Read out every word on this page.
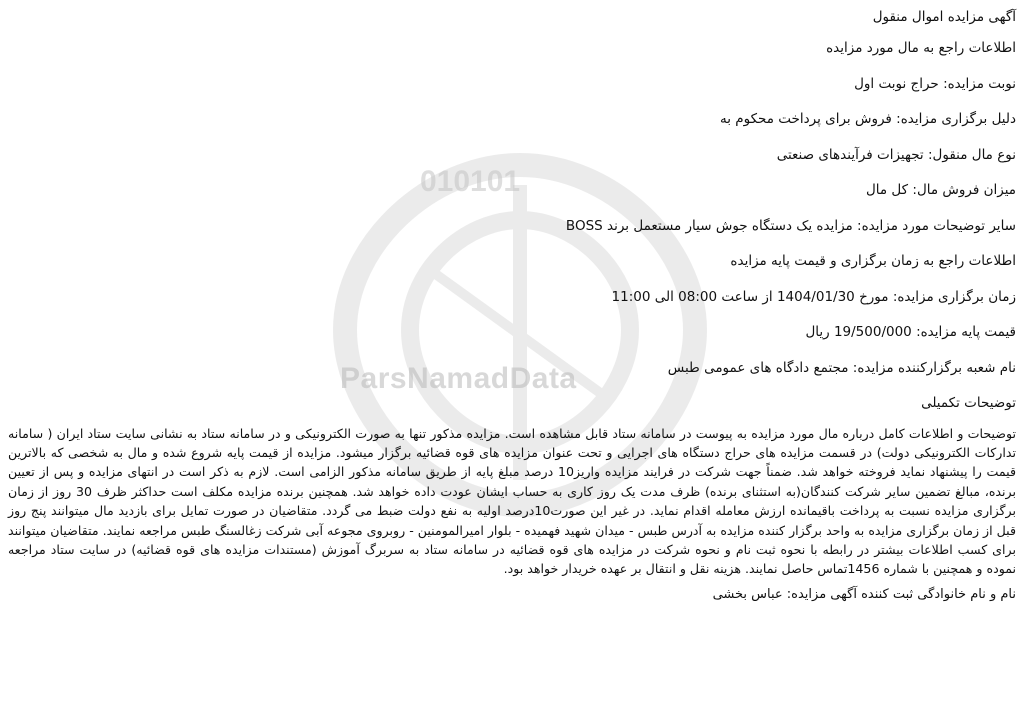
010101
ParsNamadData
آگهی مزایده اموال منقول
اطلاعات راجع به مال مورد مزایده
نوبت مزایده: حراج نوبت اول
دلیل برگزاری مزایده: فروش برای پرداخت محکوم به
نوع مال منقول: تجهیزات فرآیندهای صنعتی
میزان فروش مال: کل مال
سایر توضیحات مورد مزایده: مزایده یک دستگاه جوش سیار مستعمل برند BOSS
اطلاعات راجع به زمان برگزاری و قیمت پایه مزایده
زمان برگزاری مزایده: مورخ 1404/01/30 از ساعت 08:00 الی 11:00
قیمت پایه مزایده: 19/500/000 ریال
نام شعبه برگزارکننده مزایده: مجتمع دادگاه های عمومی طبس
توضیحات تکمیلی
توضیحات و اطلاعات کامل درباره مال مورد مزایده به پیوست در سامانه ستاد قابل مشاهده است. مزایده مذکور تنها به صورت الکترونیکی و در سامانه ستاد به نشانی سایت ستاد ایران ( سامانه تدارکات الکترونیکی دولت) در قسمت مزایده های حراج دستگاه های اجرایی و تحت عنوان مزایده های قوه قضائیه برگزار میشود. مزایده از قیمت پایه شروع شده و مال به شخصی که بالاترین قیمت را پیشنهاد نماید فروخته خواهد شد. ضمناً جهت شرکت در فرایند مزایده واریز10 درصد مبلغ پایه از طریق سامانه مذکور الزامی است. لازم به ذکر است در انتهای مزایده و پس از تعیین برنده، مبالغ تضمین سایر شرکت کنندگان(به استثنای برنده) ظرف مدت یک روز کاری به حساب ایشان عودت داده خواهد شد. همچنین برنده مزایده مکلف است حداکثر ظرف 30 روز از زمان برگزاری مزایده نسبت به پرداخت باقیمانده ارزش معامله اقدام نماید. در غیر این صورت10درصد اولیه به نفع دولت ضبط می گردد. متقاضیان در صورت تمایل برای بازدید مال میتوانند پنج روز قبل از زمان برگزاری مزایده به واحد برگزار کننده مزایده به آدرس طبس - میدان شهید فهمیده - بلوار امیرالمومنین - روبروی مجوعه آبی شرکت زغالسنگ طبس مراجعه نمایند. متقاضیان میتوانند برای کسب اطلاعات بیشتر در رابطه با نحوه ثبت نام و نحوه شرکت در مزایده های قوه قضائیه در سامانه ستاد به سربرگ آموزش (مستندات مزایده های قوه قضائیه) در سایت ستاد مراجعه نموده و همچنین با شماره 1456تماس حاصل نمایند. هزینه نقل و انتقال بر عهده خریدار خواهد بود.
نام و نام خانوادگی ثبت کننده آگهی مزایده: عباس بخشی
